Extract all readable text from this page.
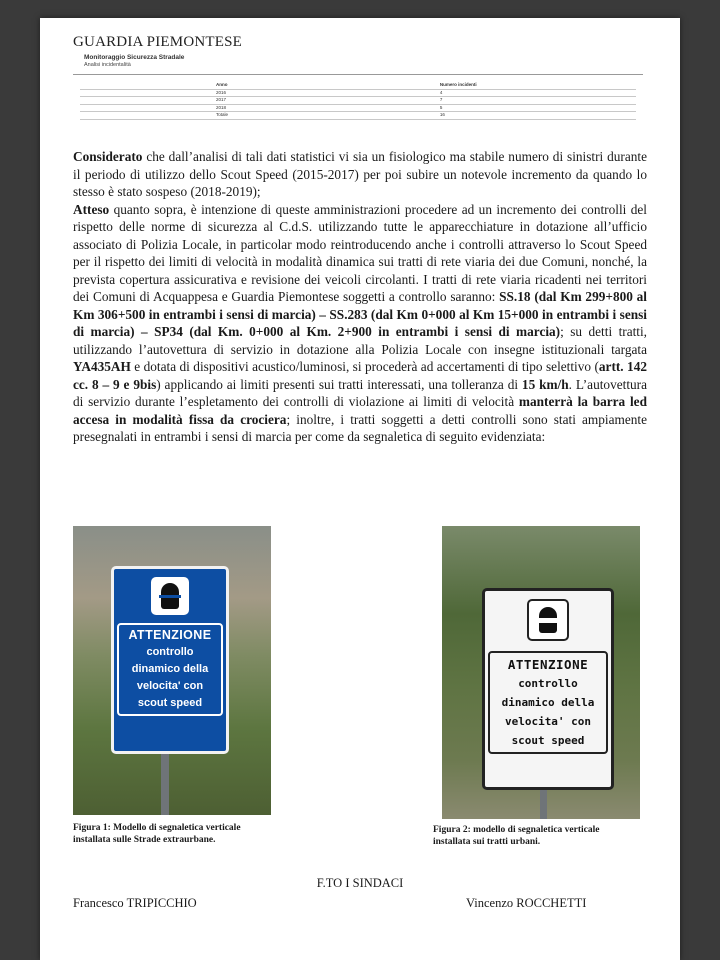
GUARDIA PIEMONTESE
Monitoraggio Sicurezza Stradale
Analisi incidentalità
Anno	Numero incidenti
2016	4
2017	7
2018	5
Totale	16

Considerato che dall’analisi di tali dati statistici vi sia un fisiologico ma stabile numero di sinistri durante il periodo di utilizzo dello Scout Speed (2015-2017) per poi subire un notevole incremento da quando lo stesso è stato sospeso (2018-2019);

Atteso quanto sopra, è intenzione di queste amministrazioni procedere ad un incremento dei controlli del rispetto delle norme di sicurezza al C.d.S. utilizzando tutte le apparecchiature in dotazione all’ufficio associato di Polizia Locale, in particolar modo reintroducendo anche i controlli attraverso lo Scout Speed per il rispetto dei limiti di velocità in modalità dinamica sui tratti di rete viaria dei due Comuni, nonché, la prevista copertura assicurativa e revisione dei veicoli circolanti. I tratti di rete viaria ricadenti nei territori dei Comuni di Acquappesa e Guardia Piemontese soggetti a controllo saranno: SS.18 (dal Km 299+800 al Km 306+500 in entrambi i sensi di marcia) – SS.283 (dal Km 0+000 al Km 15+000 in entrambi i sensi di marcia) – SP34 (dal Km. 0+000 al Km. 2+900 in entrambi i sensi di marcia); su detti tratti, utilizzando l’autovettura di servizio in dotazione alla Polizia Locale con insegne istituzionali targata YA435AH e dotata di dispositivi acustico/luminosi, si procederà ad accertamenti di tipo selettivo (artt. 142 cc. 8 – 9 e 9bis) applicando ai limiti presenti sui tratti interessati, una tolleranza di 15 km/h. L’autovettura di servizio durante l’espletamento dei controlli di violazione ai limiti di velocità manterrà la barra led accesa in modalità fissa da crociera; inoltre, i tratti soggetti a detti controlli sono stati ampiamente presegnalati in entrambi i sensi di marcia per come da segnaletica di seguito evidenziata:

ATTENZIONE
controllo
dinamico della
velocita' con
scout speed
ATTENZIONE
controllo
dinamico della
velocita' con
scout speed
Figura 1: Modello di segnaletica verticale
installata sulle Strade extraurbane.
Figura 2: modello di segnaletica verticale
installata sui tratti urbani.
F.TO I SINDACI
Francesco TRIPICCHIO	Vincenzo ROCCHETTI
